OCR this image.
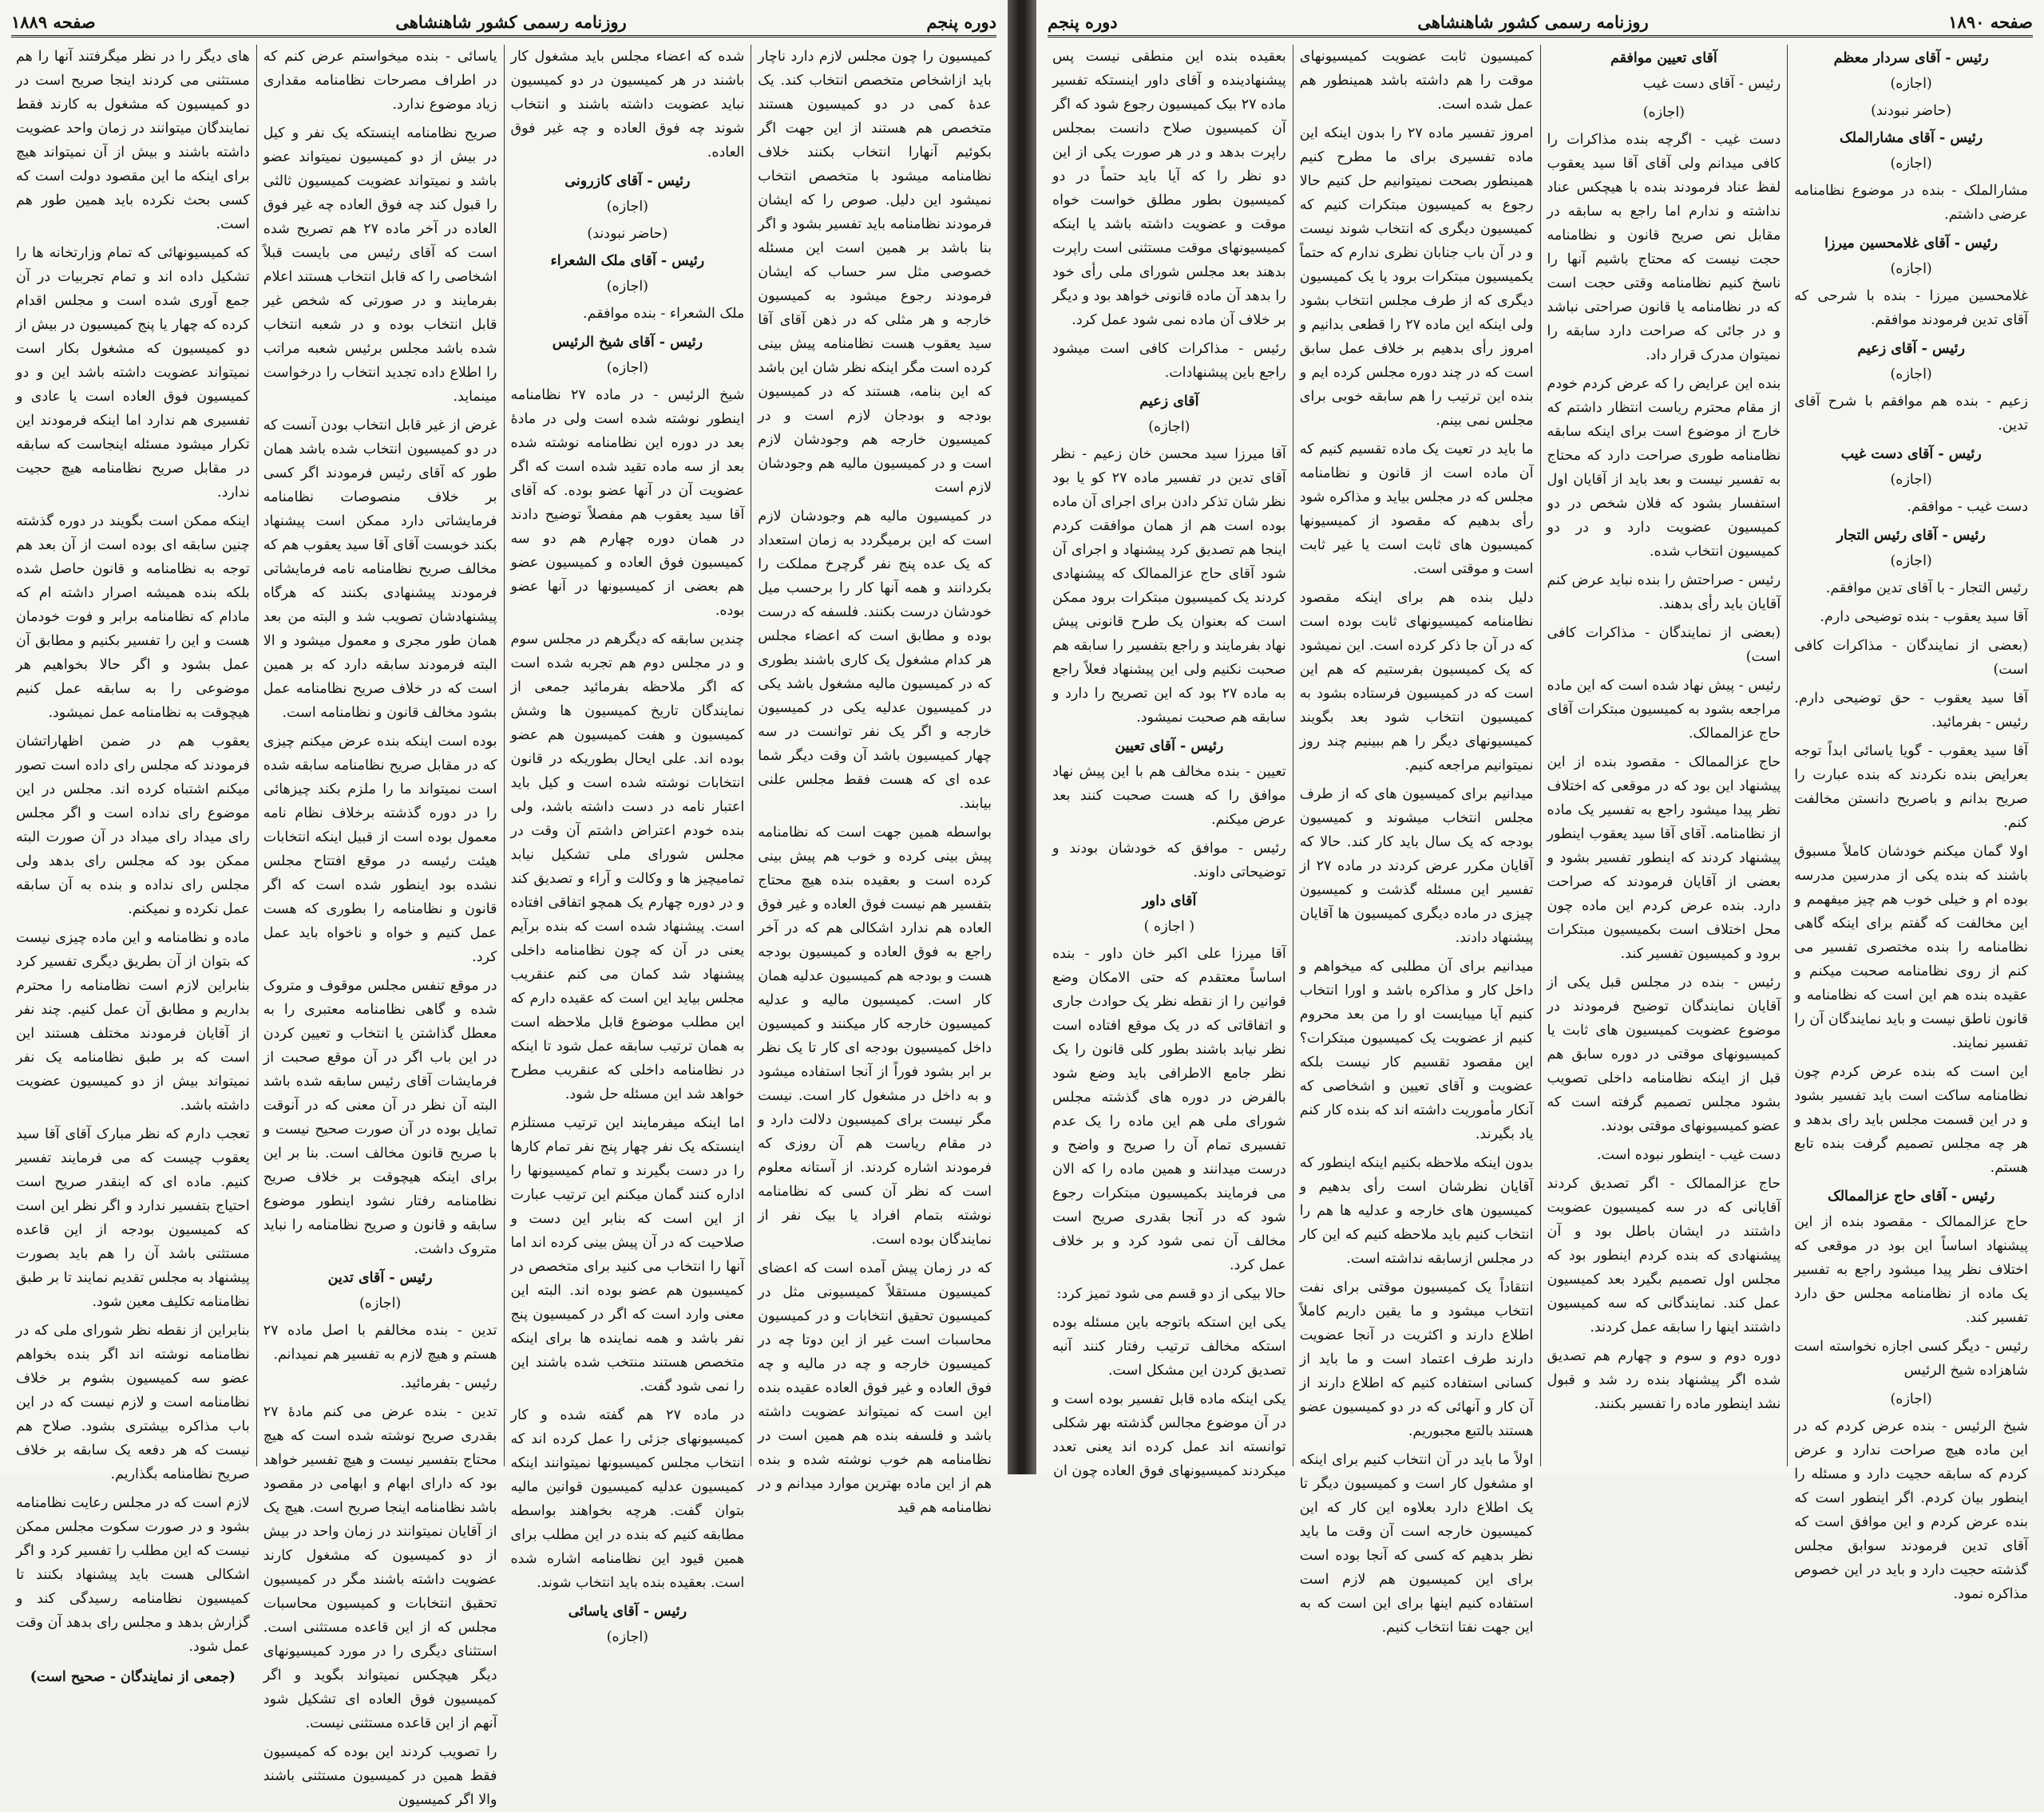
صفحه ۱۸۹۰
روزنامه رسمی کشور شاهنشاهی
دوره پنجم
رئیس - آقای سردار معظم
(اجازه)
(حاضر نبودند)
رئیس - آقای مشارالملک
(اجازه)

مشارالملک - بنده در موضوع نظامنامه عرضی داشتم.

رئیس - آقای غلامحسین میرزا
(اجازه)

غلامحسین میرزا - بنده با شرحی که آقای تدین فرمودند موافقم.

رئیس - آقای زعیم
(اجازه)

زعیم - بنده هم موافقم با شرح آقای تدین.

رئیس - آقای دست غیب
(اجازه)

دست غیب - موافقم.

رئیس - آقای رئیس التجار
(اجازه)

رئیس التجار - با آقای تدین موافقم.

آقا سید یعقوب - بنده توضیحی دارم.

(بعضی از نمایندگان - مذاکرات کافی است)

آقا سید یعقوب - حق توضیحی دارم. رئیس - بفرمائید.

آقا سید یعقوب - گویا یاسائی ابداً توجه بعرایض بنده نکردند که بنده عبارت را صریح بدانم و باصریح دانستن مخالفت کنم.

اولا گمان میکنم خودشان کاملاً مسبوق باشند که بنده یکی از مدرسین مدرسه بوده ام و خیلی خوب هم چیز میفهمم و این مخالفت که گفتم برای اینکه گاهی نظامنامه را بنده مختصری تفسیر می کنم از روی نظامنامه صحبت میکنم و عقیده بنده هم این است که نظامنامه و قانون ناطق نیست و باید نمایندگان آن را تفسیر نمایند.

این است که بنده عرض کردم چون نظامنامه ساکت است باید تفسیر بشود و در این قسمت مجلس باید رای بدهد و هر چه مجلس تصمیم گرفت بنده تابع هستم.

رئیس - آقای حاج عزالممالک

حاج عزالممالک - مقصود بنده از این پیشنهاد اساساً این بود در موقعی که اختلاف نظر پیدا میشود راجع به تفسیر یک ماده از نظامنامه مجلس حق دارد تفسیر کند.

رئیس - دیگر کسی اجازه نخواسته است شاهزاده شیخ الرئیس

(اجازه)

شیخ الرئیس - بنده عرض کردم که در این ماده هیچ صراحت ندارد و عرض کردم که سابقه حجیت دارد و مسئله را اینطور بیان کردم. اگر اینطور است که بنده عرض کردم و این موافق است که آقای تدین فرمودند سوابق مجلس گذشته حجیت دارد و باید در این خصوص مذاکره نمود.

آقای تعیین موافقم

رئیس - آقای دست غیب

(اجازه)

دست غیب - اگرچه بنده مذاکرات را کافی میدانم ولی آقای آقا سید یعقوب لفظ عناد فرمودند بنده با هیچکس عناد نداشته و ندارم اما راجع به سابقه در مقابل نص صریح قانون و نظامنامه حجت نیست که محتاج باشیم آنها را ناسخ کنیم نظامنامه وقتی حجت است که در نظامنامه یا قانون صراحتی نباشد و در جائی که صراحت دارد سابقه را نمیتوان مدرک قرار داد.

بنده این عرایض را که عرض کردم خودم از مقام محترم ریاست انتظار داشتم که خارج از موضوع است برای اینکه سابقه نظامنامه طوری صراحت دارد که محتاج به تفسیر نیست و بعد باید از آقایان اول استفسار بشود که فلان شخص در دو کمیسیون عضویت دارد و در دو کمیسیون انتخاب شده.

رئیس - صراحتش را بنده نباید عرض کنم آقایان باید رأی بدهند.

(بعضی از نمایندگان - مذاکرات کافی است)

رئیس - پیش نهاد شده است که این ماده مراجعه بشود به کمیسیون مبتکرات آقای حاج عزالممالک.

حاج عزالممالک - مقصود بنده از این پیشنهاد این بود که در موقعی که اختلاف نظر پیدا میشود راجع به تفسیر یک ماده از نظامنامه. آقای آقا سید یعقوب اینطور پیشنهاد کردند که اینطور تفسیر بشود و بعضی از آقایان فرمودند که صراحت دارد. بنده عرض کردم این ماده چون محل اختلاف است بکمیسیون مبتکرات برود و کمیسیون تفسیر کند.

رئیس - بنده در مجلس قبل یکی از آقایان نمایندگان توضیح فرمودند در موضوع عضویت کمیسیون های ثابت یا کمیسیونهای موقتی در دوره سابق هم قبل از اینکه نظامنامه داخلی تصویب بشود مجلس تصمیم گرفته است که عضو کمیسیونهای موقتی بودند.

دست غیب - اینطور نبوده است.

حاج عزالممالک - اگر تصدیق کردند آقایانی که در سه کمیسیون عضویت داشتند در ایشان باطل بود و آن پیشنهادی که بنده کردم اینطور بود که مجلس اول تصمیم بگیرد بعد کمیسیون عمل کند. نمایندگانی که سه کمیسیون داشتند اینها را سابقه عمل کردند.

دوره دوم و سوم و چهارم هم تصدیق شده اگر پیشنهاد بنده رد شد و قبول نشد اینطور ماده را تفسیر بکنند.

کمیسیون ثابت عضویت کمیسیونهای موقت را هم داشته باشد همینطور هم عمل شده است.

امروز تفسیر ماده ۲۷ را بدون اینکه این ماده تفسیری برای ما مطرح کنیم همینطور بصحت نمیتوانیم حل کنیم حالا رجوع به کمیسیون مبتکرات کنیم که کمیسیون دیگری که انتخاب شوند نیست و در آن باب جنابان نظری ندارم که حتماً یکمیسیون مبتکرات برود یا یک کمیسیون دیگری که از طرف مجلس انتخاب بشود ولی اینکه این ماده ۲۷ را قطعی بدانیم و امروز رأی بدهیم بر خلاف عمل سابق است که در چند دوره مجلس کرده ایم و بنده این ترتیب را هم سابقه خوبی برای مجلس نمی بینم.

ما باید در تعیت یک ماده تقسیم کنیم که آن ماده است از قانون و نظامنامه مجلس که در مجلس بیاید و مذاکره شود رأی بدهیم که مقصود از کمیسیونها کمیسیون های ثابت است یا غیر ثابت است و موقتی است.

دلیل بنده هم برای اینکه مقصود نظامنامه کمیسیونهای ثابت بوده است که در آن جا ذکر کرده است. این نمیشود که یک کمیسیون بفرستیم که هم این است که در کمیسیون فرستاده بشود به کمیسیون انتخاب شود بعد بگویند کمیسیونهای دیگر را هم ببینیم چند روز نمیتوانیم مراجعه کنیم.

میدانیم برای کمیسیون های که از طرف مجلس انتخاب میشوند و کمیسیون بودجه که یک سال باید کار کند. حالا که آقایان مکرر عرض کردند در ماده ۲۷ از تفسیر این مسئله گذشت و کمیسیون چیزی در ماده دیگری کمیسیون ها آقایان پیشنهاد دادند.

میدانیم برای آن مطلبی که میخواهم و داخل کار و مذاکره باشد و اورا انتخاب کنیم آیا میبایست او را من بعد محروم کنیم از عضویت یک کمیسیون مبتکرات؟ این مقصود تقسیم کار نیست بلکه عضویت و آقای تعیین و اشخاصی که آنکار مأموریت داشته اند که بنده کار کنم یاد بگیرند.

بدون اینکه ملاحظه بکنیم اینکه اینطور که آقایان نظرشان است رأی بدهیم و کمیسیون های خارجه و عدلیه ها هم را انتخاب کنیم باید ملاحظه کنیم که این کار در مجلس ازسابقه نداشته است.

انتقاداً یک کمیسیون موقتی برای نفت انتخاب میشود و ما یقین داریم کاملاً اطلاع دارند و اکثریت در آنجا عضویت دارند طرف اعتماد است و ما باید از کسانی استفاده کنیم که اطلاع دارند از آن کار و آنهائی که در دو کمیسیون عضو هستند بالتبع مجبوریم.

اولاً ما باید در آن انتخاب کنیم برای اینکه او مشغول کار است و کمیسیون دیگر تا یک اطلاع دارد بعلاوه این کار که این کمیسیون خارجه است آن وقت ما باید نظر بدهیم که کسی که آنجا بوده است برای این کمیسیون هم لازم است استفاده کنیم اینها برای این است که به این جهت نفتا انتخاب کنیم.

بعقیده بنده این منطقی نیست پس پیشنهادینده و آقای داور اینستکه تفسیر ماده ۲۷ بیک کمیسیون رجوع شود که اگر آن کمیسیون صلاح دانست بمجلس راپرت بدهد و در هر صورت یکی از این دو نظر را که آیا باید حتماً در دو کمیسیون بطور مطلق خواست خواه موقت و عضویت داشته باشد یا اینکه کمیسیونهای موقت مستثنی است راپرت بدهند بعد مجلس شورای ملی رأی خود را بدهد آن ماده قانونی خواهد بود و دیگر بر خلاف آن ماده نمی شود عمل کرد.

رئیس - مذاکرات کافی است میشود راجع باین پیشنهادات.

آقای زعیم
(اجازه)

آقا میرزا سید محسن خان زعیم - نظر آقای تدین در تفسیر ماده ۲۷ کو یا بود نظر شان تذکر دادن برای اجرای آن ماده بوده است هم از همان موافقت کردم اینجا هم تصدیق کرد پیشنهاد و اجرای آن شود آقای حاج عزالممالک که پیشنهادی کردند یک کمیسیون مبتکرات برود ممکن است که بعنوان یک طرح قانونی پیش نهاد بفرمایند و راجع بتفسیر را سابقه هم صحبت نکنیم ولی این پیشنهاد فعلاً راجع به ماده ۲۷ بود که این تصریح را دارد و سابقه هم صحبت نمیشود.

رئیس - آقای تعیین

تعیین - بنده مخالف هم با این پیش نهاد موافق را که هست صحبت کنند بعد عرض میکنم.

رئیس - موافق که خودشان بودند و توضیحاتی داوند.

آقای داور
( اجازه )

آقا میرزا علی اکبر خان داور - بنده اساساً معتقدم که حتی الامکان وضع قوانین را از نقطه نظر یک حوادث جاری و اتفاقاتی که در یک موقع افتاده است نظر نیابد باشند بطور کلی قانون را یک نظر جامع الاطرافی باید وضع شود بالفرض در دوره های گذشته مجلس شورای ملی هم این ماده را یک عدم تفسیری تمام آن را صریح و واضح و درست میدانند و همین ماده را که الان می فرمایند بکمیسیون مبتکرات رجوع شود که در آنجا بقدری صریح است مخالف آن نمی شود کرد و بر خلاف عمل کرد.

حالا بیکی از دو قسم می شود تمیز کرد:

یکی این استکه باتوجه باین مسئله بوده استکه مخالف ترتیب رفتار کنند آنبه تصدیق کردن این مشکل است.

یکی اینکه ماده قابل تفسیر بوده است و در آن موضوع مجالس گذشته بهر شکلی توانسته اند عمل کرده اند یعنی تعدد میکردند کمیسیونهای فوق العاده چون ان

دوره پنجم
روزنامه رسمی کشور شاهنشاهی
صفحه ۱۸۸۹

کمیسیون را چون مجلس لازم دارد ناچار باید ازاشخاص متخصص انتخاب کند. یک عدهٔ کمی در دو کمیسیون هستند متخصص هم هستند از این جهت اگر بکوئیم آنهارا انتخاب بکنند خلاف نظامنامه میشود با متخصص انتخاب نمیشود این دلیل. صوص را که ایشان فرمودند نظامنامه باید تفسیر بشود و اگر بنا باشد بر همین است این مسئله خصوصی مثل سر حساب که ایشان فرمودند رجوع میشود به کمیسیون خارجه و هر مثلی که در ذهن آقای آقا سید یعقوب هست نظامنامه پیش بینی کرده است مگر اینکه نظر شان این باشد که این بنامه، هستند که در کمیسیون بودجه و بودجان لازم است و در کمیسیون خارجه هم وجودشان لازم است و در کمیسیون مالیه هم وجودشان لازم است

در کمیسیون مالیه هم وجودشان لازم است که این برمیگردد به زمان استعداد که یک عده پنج نفر گرچرخ مملکت را بکردانند و همه آنها کار را برحسب میل خودشان درست بکنند. فلسفه که درست بوده و مطابق است که اعضاء مجلس هر کدام مشغول یک کاری باشند بطوری که در کمیسیون مالیه مشغول باشد یکی در کمیسیون عدلیه یکی در کمیسیون خارجه و اگر یک نفر توانست در سه چهار کمیسیون باشد آن وقت دیگر شما عده ای که هست فقط مجلس علنی بیابند.

بواسطه همین جهت است که نظامنامه پیش بینی کرده و خوب هم پیش بینی کرده است و بعقیده بنده هیچ محتاج بتفسیر هم نیست فوق العاده و غیر فوق العاده هم ندارد اشکالی هم که در آخر راجع به فوق العاده و کمیسیون بودجه هست و بودجه هم کمیسیون عدلیه همان کار است. کمیسیون مالیه و عدلیه کمیسیون خارجه کار میکنند و کمیسیون داخل کمیسیون بودجه ای کار تا یک نظر بر ابر بشود فوراً از آنجا استفاده میشود و به داخل در مشغول کار است. نیست مگر نیست برای کمیسیون دلالت دارد و در مقام ریاست هم آن روزی که فرمودند اشاره کردند. از آستانه معلوم است که نظر آن کسی که نظامنامه نوشته بتمام افراد یا بیک نفر از نمایندگان بوده است.

که در زمان پیش آمده است که اعضای کمیسیون مستقلاً کمیسیونی مثل در کمیسیون تحقیق انتخابات و در کمیسیون محاسبات است غیر از این دوتا چه در کمیسیون خارجه و چه در مالیه و چه فوق العاده و غیر فوق العاده عقیده بنده این است که نمیتواند عضویت داشته باشد و فلسفه بنده هم همین است در نظامنامه هم خوب نوشته شده و بنده هم از این ماده بهترین موارد میدانم و در نظامنامه هم قید

شده که اعضاء مجلس باید مشغول کار باشند در هر کمیسیون در دو کمیسیون نباید عضویت داشته باشند و انتخاب شوند چه فوق العاده و چه غیر فوق العاده.

رئیس - آقای کازرونی
(اجازه)
(حاضر نبودند)
رئیس - آقای ملک الشعراء
(اجازه)

ملک الشعراء - بنده موافقم.

رئیس - آقای شیخ الرئیس
(اجازه)

شیخ الرئیس - در ماده ۲۷ نظامنامه اینطور نوشته شده است ولی در مادهٔ بعد در دوره این نظامنامه نوشته شده بعد از سه ماده تقید شده است که اگر عضویت آن در آنها عضو بوده. که آقای آقا سید یعقوب هم مفصلاً توضیح دادند در همان دوره چهارم هم دو سه کمیسیون فوق العاده و کمیسیون عضو هم بعضی از کمیسیونها در آنها عضو بوده.

چندین سابقه که دیگرهم در مجلس سوم و در مجلس دوم هم تجربه شده است که اگر ملاحظه بفرمائید جمعی از نمایندگان تاریخ کمیسیون ها وشش کمیسیون و هفت کمیسیون هم عضو بوده اند. علی ایحال بطوریکه در قانون انتخابات نوشته شده است و کیل باید اعتبار نامه در دست داشته باشد، ولی بنده خودم اعتراض داشتم آن وقت در مجلس شورای ملی تشکیل نیابد تمامیچیز ها و وکالت و آراء و تصدیق کند و در دوره چهارم یک همچو اتفاقی افتاده است. پیشنهاد شده است که بنده برآیم یعنی در آن که چون نظامنامه داخلی پیشنهاد شد کمان می کنم عنقریب مجلس بیاید این است که عقیده دارم که این مطلب موضوع قابل ملاحظه است به همان ترتیب سابقه عمل شود تا اینکه در نظامنامه داخلی که عنقریب مطرح خواهد شد این مسئله حل شود.

اما اینکه میفرمایند این ترتیب مستلزم اینستکه یک نفر چهار پنج نفر تمام کارها را در دست بگیرند و تمام کمیسیونها را اداره کنند گمان میکنم این ترتیب عبارت از این است که بنابر این دست و صلاحیت که در آن پیش بینی کرده اند اما آنها را انتخاب می کنید برای متخصص در کمیسیون هم عضو بوده اند. البته این معنی وارد است که اگر در کمیسیون پنج نفر باشد و همه نماینده ها برای اینکه متخصص هستند منتخب شده باشند این را نمی شود گفت.

در ماده ۲۷ هم گفته شده و کار کمیسیونهای جزئی را عمل کرده اند که انتخاب مجلس کمیسیونها نمیتوانند اینکه کمیسیون عدلیه کمیسیون قوانین مالیه بتوان گفت. هرچه بخواهند بواسطه مطابقه کنیم که بنده در این مطلب برای همین قیود این نظامنامه اشاره شده است. بعقیده بنده باید انتخاب شوند.

رئیس - آقای یاسائی
(اجازه)

یاسائی - بنده میخواستم عرض کنم که در اطراف مصرحات نظامنامه مقداری زیاد موضوع ندارد.

صریح نظامنامه اینستکه یک نفر و کیل در بیش از دو کمیسیون نمیتواند عضو باشد و نمیتواند عضویت کمیسیون ثالثی را قبول کند چه فوق العاده چه غیر فوق العاده در آخر ماده ۲۷ هم تصریح شده است که آقای رئیس می بایست قبلاً اشخاصی را که قابل انتخاب هستند اعلام بفرمایند و در صورتی که شخص غیر قابل انتخاب بوده و در شعبه انتخاب شده باشد مجلس برئیس شعبه مراتب را اطلاع داده تجدید انتخاب را درخواست مینماید.

غرض از غیر قابل انتخاب بودن آنست که در دو کمیسیون انتخاب شده باشد همان طور که آقای رئیس فرمودند اگر کسی بر خلاف منصوصات نظامنامه فرمایشاتی دارد ممکن است پیشنهاد بکند خوبست آقای آقا سید یعقوب هم که مخالف صریح نظامنامه نامه فرمایشاتی فرمودند پیشنهادی بکنند که هرگاه پیشنهادشان تصویب شد و البته من بعد همان طور مجری و معمول میشود و الا البته فرمودند سابقه دارد که بر همین است که در خلاف صریح نظامنامه عمل بشود مخالف قانون و نظامنامه است.

بوده است اینکه بنده عرض میکنم چیزی که در مقابل صریح نظامنامه سابقه شده است نمیتواند ما را ملزم بکند چیزهائی را در دوره گذشته برخلاف نظام نامه معمول بوده است از قبیل اینکه انتخابات هیئت رئیسه در موقع افتتاح مجلس نشده بود اینطور شده است که اگر قانون و نظامنامه را بطوری که هست عمل کنیم و خواه و ناخواه باید عمل کرد.

در موقع تنفس مجلس موقوف و متروک شده و گاهی نظامنامه معتبری را به معطل گذاشتن یا انتخاب و تعیین کردن در این باب اگر در آن موقع صحبت از فرمایشات آقای رئیس سابقه شده باشد البته آن نظر در آن معنی که در آنوقت تمایل بوده در آن صورت صحیح نیست و با صریح قانون مخالف است. بنا بر این برای اینکه هیچوقت بر خلاف صریح نظامنامه رفتار نشود اینطور موضوع سابقه و قانون و صریح نظامنامه را نباید متروک داشت.

رئیس - آقای تدین
(اجازه)

تدین - بنده مخالفم با اصل ماده ۲۷ هستم و هیچ لازم به تفسیر هم نمیدانم.

رئیس - بفرمائید.

تدین - بنده عرض می کنم مادهٔ ۲۷ بقدری صریح نوشته شده است که هیچ محتاج بتفسیر نیست و هیچ تفسیر خواهد بود که دارای ابهام و ابهامی در مقصود باشد نظامنامه اینجا صریح است. هیچ یک از آقایان نمیتوانند در زمان واحد در بیش از دو کمیسیون که مشغول کارند عضویت داشته باشند مگر در کمیسیون تحقیق انتخابات و کمیسیون محاسبات مجلس که از این قاعده مستثنی است. استثنای دیگری را در مورد کمیسیونهای دیگر هیچکس نمیتواند بگوید و اگر کمیسیون فوق العاده ای تشکیل شود آنهم از این قاعده مستثنی نیست.

را تصویب کردند این بوده که کمیسیون فقط همین در کمیسیون مستثنی باشند والا اگر کمیسیون

های دیگر را در نظر میگرفتند آنها را هم مستثنی می کردند اینجا صریح است در دو کمیسیون که مشغول به کارند فقط نمایندگان میتوانند در زمان واحد عضویت داشته باشند و بیش از آن نمیتواند هیچ برای اینکه ما این مقصود دولت است که کسی بحث نکرده باید همین طور هم است.

که کمیسیونهائی که تمام وزارتخانه ها را تشکیل داده اند و تمام تجربیات در آن جمع آوری شده است و مجلس اقدام کرده که چهار یا پنج کمیسیون در بیش از دو کمیسیون که مشغول بکار است نمیتواند عضویت داشته باشد این و دو کمیسیون فوق العاده است یا عادی و تفسیری هم ندارد اما اینکه فرمودند این تکرار میشود مسئله اینجاست که سابقه در مقابل صریح نظامنامه هیچ حجیت ندارد.

اینکه ممکن است بگویند در دوره گذشته چنین سابقه ای بوده است از آن بعد هم توجه به نظامنامه و قانون حاصل شده بلکه بنده همیشه اصرار داشته ام که مادام که نظامنامه برابر و فوت خودمان هست و این را تفسیر بکنیم و مطابق آن عمل بشود و اگر حالا بخواهیم هر موضوعی را به سابقه عمل کنیم هیچوقت به نظامنامه عمل نمیشود.

یعقوب هم در ضمن اظهاراتشان فرمودند که مجلس رای داده است تصور میکنم اشتباه کرده اند. مجلس در این موضوع رای نداده است و اگر مجلس رای میداد رای میداد در آن صورت البته ممکن بود که مجلس رای بدهد ولی مجلس رای نداده و بنده به آن سابقه عمل نکرده و نمیکنم.

ماده و نظامنامه و این ماده چیزی نیست که بتوان از آن بطریق دیگری تفسیر کرد بنابراین لازم است نظامنامه را محترم بداریم و مطابق آن عمل کنیم. چند نفر از آقایان فرمودند مختلف هستند این است که بر طبق نظامنامه یک نفر نمیتواند بیش از دو کمیسیون عضویت داشته باشد.

تعجب دارم که نظر مبارک آقای آقا سید یعقوب چیست که می فرمایند تفسیر کنیم. ماده ای که اینقدر صریح است احتیاج بتفسیر ندارد و اگر نظر این است که کمیسیون بودجه از این قاعده مستثنی باشد آن را هم باید بصورت پیشنهاد به مجلس تقدیم نمایند تا بر طبق نظامنامه تکلیف معین شود.

بنابراین از نقطه نظر شورای ملی که در نظامنامه نوشته اند اگر بنده بخواهم عضو سه کمیسیون بشوم بر خلاف نظامنامه است و لازم نیست که در این باب مذاکره بیشتری بشود. صلاح هم نیست که هر دفعه یک سابقه بر خلاف صریح نظامنامه بگذاریم.

لازم است که در مجلس رعایت نظامنامه بشود و در صورت سکوت مجلس ممکن نیست که این مطلب را تفسیر کرد و اگر اشکالی هست باید پیشنهاد بکنند تا کمیسیون نظامنامه رسیدگی کند و گزارش بدهد و مجلس رای بدهد آن وقت عمل شود.

(جمعی از نمایندگان - صحیح است)
